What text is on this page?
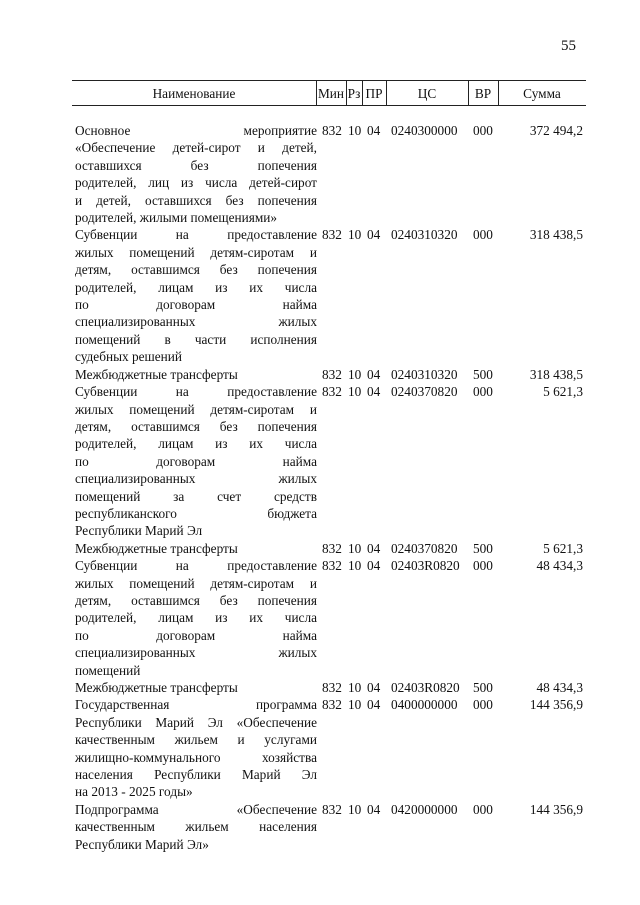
55
Наименование	Мин Рз ПР	ЦС	ВР	Сумма
Основное мероприятие
«Обеспечение детей-сирот и детей,
оставшихся без попечения
родителей, лиц из числа детей-сирот
и детей, оставшихся без попечения
родителей, жилыми помещениями»
832 10 04 0240300000 000	372 494,2
Субвенции на предоставление
жилых помещений детям-сиротам и
детям, оставшимся без попечения
родителей, лицам из их числа
по договорам найма
специализированных жилых
помещений в части исполнения
судебных решений
832 10 04 0240310320 000	318 438,5
Межбюджетные трансферты	832 10 04 0240310320 500	318 438,5
Субвенции на предоставление
жилых помещений детям-сиротам и
детям, оставшимся без попечения
родителей, лицам из их числа
по договорам найма
специализированных жилых
помещений за счет средств
республиканского бюджета
Республики Марий Эл
832 10 04 0240370820 000	5 621,3
Межбюджетные трансферты	832 10 04 0240370820 500	5 621,3
Субвенции на предоставление
жилых помещений детям-сиротам и
детям, оставшимся без попечения
родителей, лицам из их числа
по договорам найма
специализированных жилых
помещений
832 10 04 02403R0820 000	48 434,3
Межбюджетные трансферты	832 10 04 02403R0820 500	48 434,3
Государственная программа
Республики Марий Эл «Обеспечение
качественным жильем и услугами
жилищно-коммунального хозяйства
населения Республики Марий Эл
на 2013 - 2025 годы»
832 10 04 0400000000 000	144 356,9
Подпрограмма «Обеспечение
качественным жильем населения
Республики Марий Эл»
832 10 04 0420000000 000	144 356,9
